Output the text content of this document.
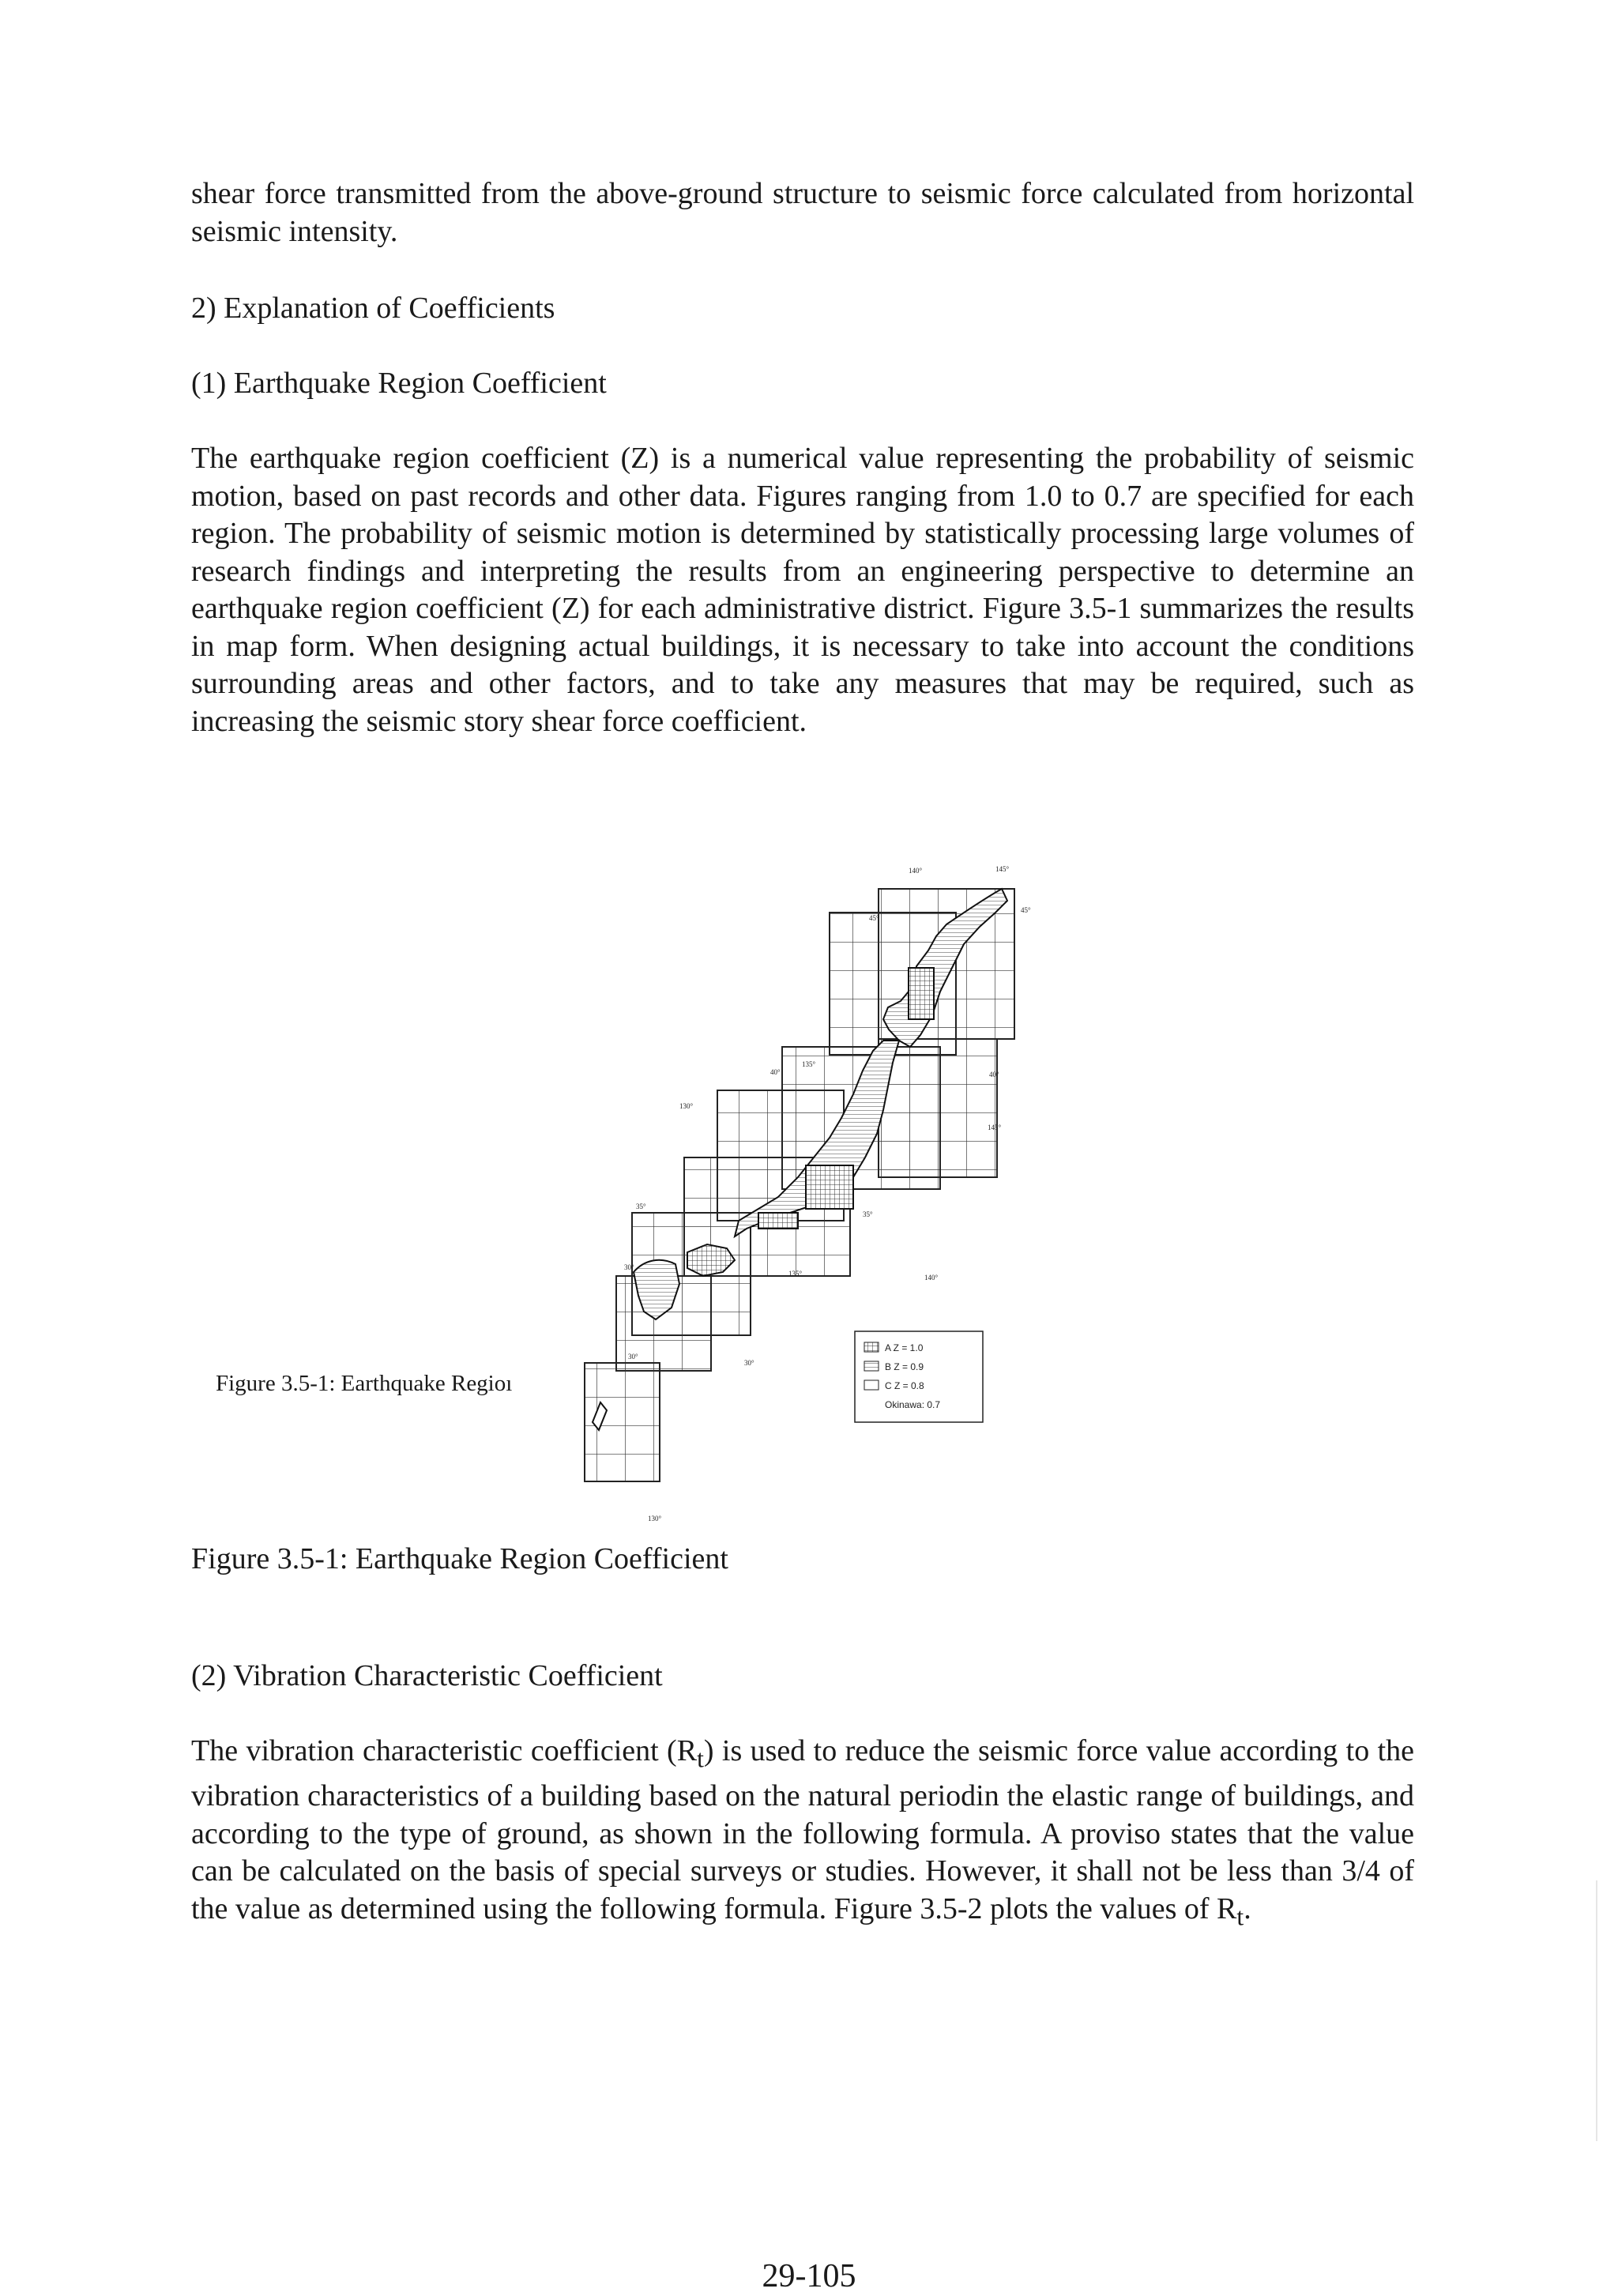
shear force transmitted from the above-ground structure to seismic force calculated from horizontal seismic intensity.

2) Explanation of Coefficients

(1) Earthquake Region Coefficient

The earthquake region coefficient (Z) is a numerical value representing the probability of seismic motion, based on past records and other data. Figures ranging from 1.0 to 0.7 are specified for each region. The probability of seismic motion is determined by statistically processing large volumes of research findings and interpreting the results from an engineering perspective to determine an earthquake region coefficient (Z) for each administrative district. Figure 3.5-1 summarizes the results in map form. When designing actual buildings, it is necessary to take into account the conditions surrounding areas and other factors, and to take any measures that may be required, such as increasing the seismic story shear force coefficient.

140°	145°
45°
45°
135°
40°
130°
40°
145°
35°
35°
135°	140°
30°
30°
30°
130°
A Z = 1.0
B Z = 0.9
C Z = 0.8
Okinawa: 0.7
Figure 3.5-1: Earthquake Regioı
Figure 3.5-1: Earthquake Region Coefficient

(2) Vibration Characteristic Coefficient

The vibration characteristic coefficient $(R_t)$ is used to reduce the seismic force value according to the vibration characteristics of a building based on the natural periodin the elastic range of buildings, and according to the type of ground, as shown in the following formula. A proviso states that the value can be calculated on the basis of special surveys or studies. However, it shall not be less than 3/4 of the value as determined using the following formula. Figure 3.5-2 plots the values of $R_t$.

29-105
